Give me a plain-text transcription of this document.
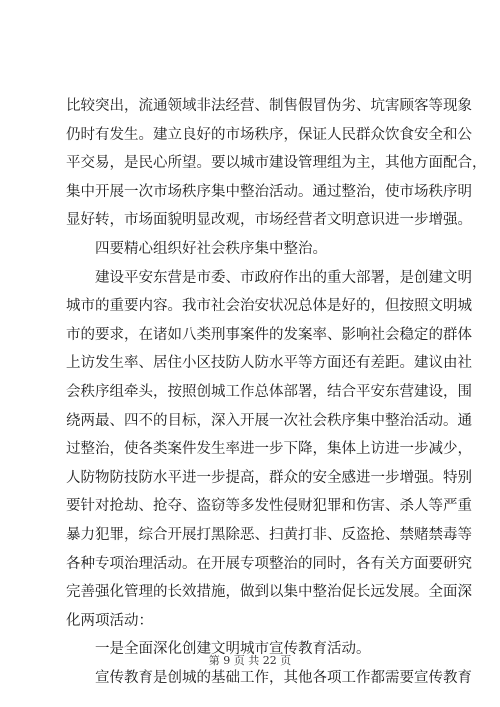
比较突出，流通领域非法经营、制售假冒伪劣、坑害顾客等现象
仍时有发生。建立良好的市场秩序，保证人民群众饮食安全和公
平交易，是民心所望。要以城市建设管理组为主，其他方面配合，
集中开展一次市场秩序集中整治活动。通过整治，使市场秩序明
显好转，市场面貌明显改观，市场经营者文明意识进一步增强。
四要精心组织好社会秩序集中整治。
建设平安东营是市委、市政府作出的重大部署，是创建文明
城市的重要内容。我市社会治安状况总体是好的，但按照文明城
市的要求，在诸如八类刑事案件的发案率、影响社会稳定的群体
上访发生率、居住小区技防人防水平等方面还有差距。建议由社
会秩序组牵头，按照创城工作总体部署，结合平安东营建设，围
绕两最、四不的目标，深入开展一次社会秩序集中整治活动。通
过整治，使各类案件发生率进一步下降，集体上访进一步减少，
人防物防技防水平进一步提高，群众的安全感进一步增强。特别
要针对抢劫、抢夺、盗窃等多发性侵财犯罪和伤害、杀人等严重
暴力犯罪，综合开展打黑除恶、扫黄打非、反盗抢、禁赌禁毒等
各种专项治理活动。在开展专项整治的同时，各有关方面要研究
完善强化管理的长效措施，做到以集中整治促长远发展。全面深
化两项活动：
一是全面深化创建文明城市宣传教育活动。
宣传教育是创城的基础工作，其他各项工作都需要宣传教育
第 9 页 共 22 页
